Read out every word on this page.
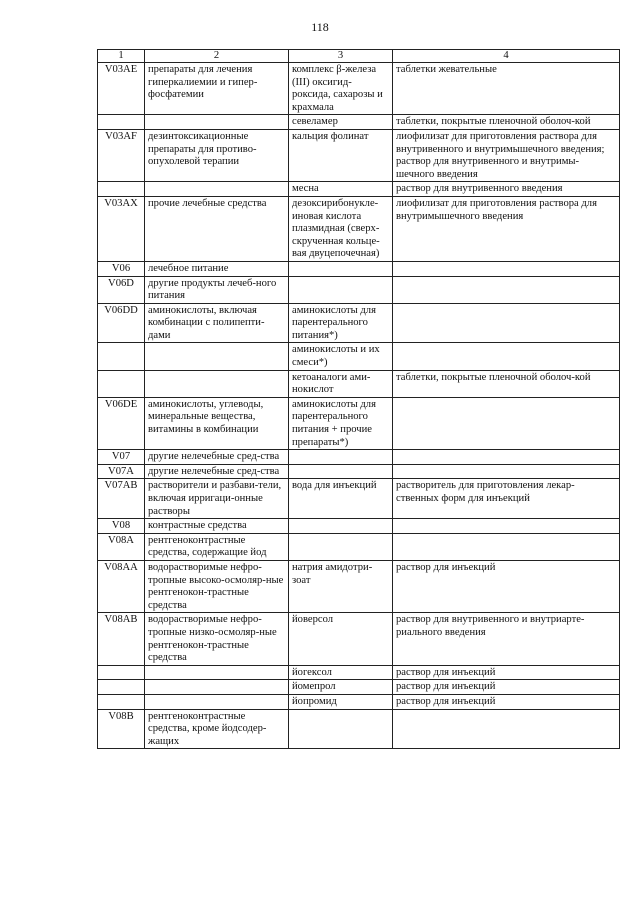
118
1	2	3	4
V03AE	препараты для лечения гиперкалиемии и гипер-фосфатемии	комплекс β-железа (III) оксигид-роксида, сахарозы и крахмала	таблетки жевательные
		севеламер	таблетки, покрытые пленочной оболоч-кой
V03AF	дезинтоксикационные препараты для противо-опухолевой терапии	кальция фолинат	лиофилизат для приготовления раствора для внутривенного и внутримышечного введения;
раствор для внутривенного и внутримы-шечного введения
		месна	раствор для внутривенного введения
V03AX	прочие лечебные средства	дезоксирибонукле-иновая кислота плазмидная (сверх-скрученная кольце-вая двуцепочечная)	лиофилизат для приготовления раствора для внутримышечного введения
V06	лечебное питание		
V06D	другие продукты лечеб-ного питания		
V06DD	аминокислоты, включая комбинации с полипепти-дами	аминокислоты для парентерального питания*)	
		аминокислоты и их смеси*)	
		кетоаналоги ами-нокислот	таблетки, покрытые пленочной оболоч-кой
V06DE	аминокислоты, углеводы, минеральные вещества, витамины в комбинации	аминокислоты для парентерального питания + прочие препараты*)	
V07	другие нелечебные сред-ства		
V07A	другие нелечебные сред-ства		
V07AB	растворители и разбави-тели, включая ирригаци-онные растворы	вода для инъекций	растворитель для приготовления лекар-ственных форм для инъекций
V08	контрастные средства		
V08A	рентгеноконтрастные средства, содержащие йод		
V08AA	водорастворимые нефро-тропные высоко-осмоляр-ные рентгенокон-трастные средства	натрия амидотри-зоат	раствор для инъекций
V08AB	водорастворимые нефро-тропные низко-осмоляр-ные рентгенокон-трастные средства	йоверсол	раствор для внутривенного и внутриарте-риального введения
		йогексол	раствор для инъекций
		йомепрол	раствор для инъекций
		йопромид	раствор для инъекций
V08B	рентгеноконтрастные средства, кроме йодсодер-жащих		
